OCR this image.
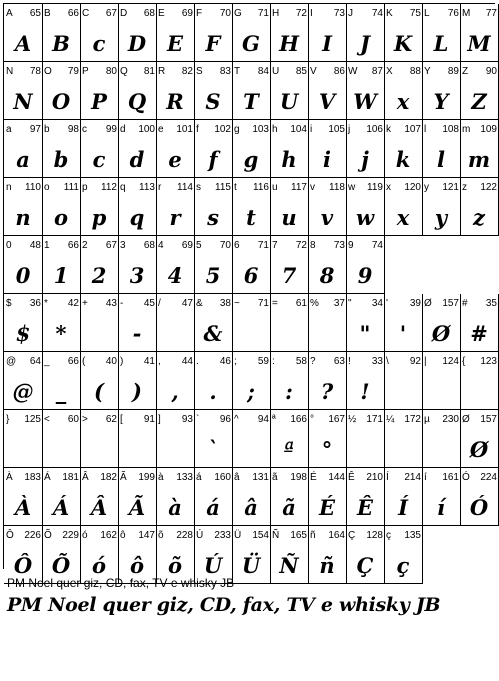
A 65
A
B 66
B
C 67
c
D 68
D
E 69
E
F 70
F
G 71
G
H 72
H
I 73
I
J 74
J
K 75
K
L 76
L
M 77
M
N 78
N
O 79
O
P 80
P
Q 81
Q
R 82
R
S 83
S
T 84
T
U 85
U
V 86
V
W 87
W
X 88
x
Y 89
Y
Z 90
Z
a 97
a
b 98
b
c 99
c
d 100
d
e 101
e
f 102
f
g 103
g
h 104
h
i 105
i
j 106
j
k 107
k
l 108
l
m 109
m
n 110
n
o 111
o
p 112
p
q 113
q
r 114
r
s 115
s
t 116
t
u 117
u
v 118
v
w 119
w
x 120
x
y 121
y
z 122
z
0 48
0
1 66
1
2 67
2
3 68
3
4 69
4
5 70
5
6 71
6
7 72
7
8 73
8
9 74
9
$ 36
$
* 42
*
+ 43 - 45
-
/ 47 & 38
&
~ 71 = 61 % 37 " 34
"
' 39
'
Ø 157
Ø
# 35
#
@ 64
@
_ 66
_
( 40
(
) 41
)
, 44
,
. 46
.
; 59
;
: 58
:
? 63
?
! 33
!
\ 92 | 124 { 123
} 125 < 60 > 62 [ 91 ] 93 ` 96
`
^ 94 ª 166
ª
° 167
°
½ 171 ¼ 172 µ 230 Ø 157
Ø
À 183
À
Á 181
Á
Â 182
Â
Ã 199
Ã
à 133
à
á 160
á
â 131
â
ã 198
ã
É 144
É
Ê 210
Ê
Í 214
Í
í 161
í
Ó 224
Ó
Ô 226
Ô
Õ 229
Õ
ó 162
ó
ô 147
ô
õ 228
õ
Ú 233
Ú
Ü 154
Ü
Ñ 165
Ñ
ñ 164
ñ
Ç 128
Ç
ç 135
ç
PM Noel quer giz, CD, fax, TV e whisky JB
PM Noel quer giz, CD, fax, TV e whisky JB
